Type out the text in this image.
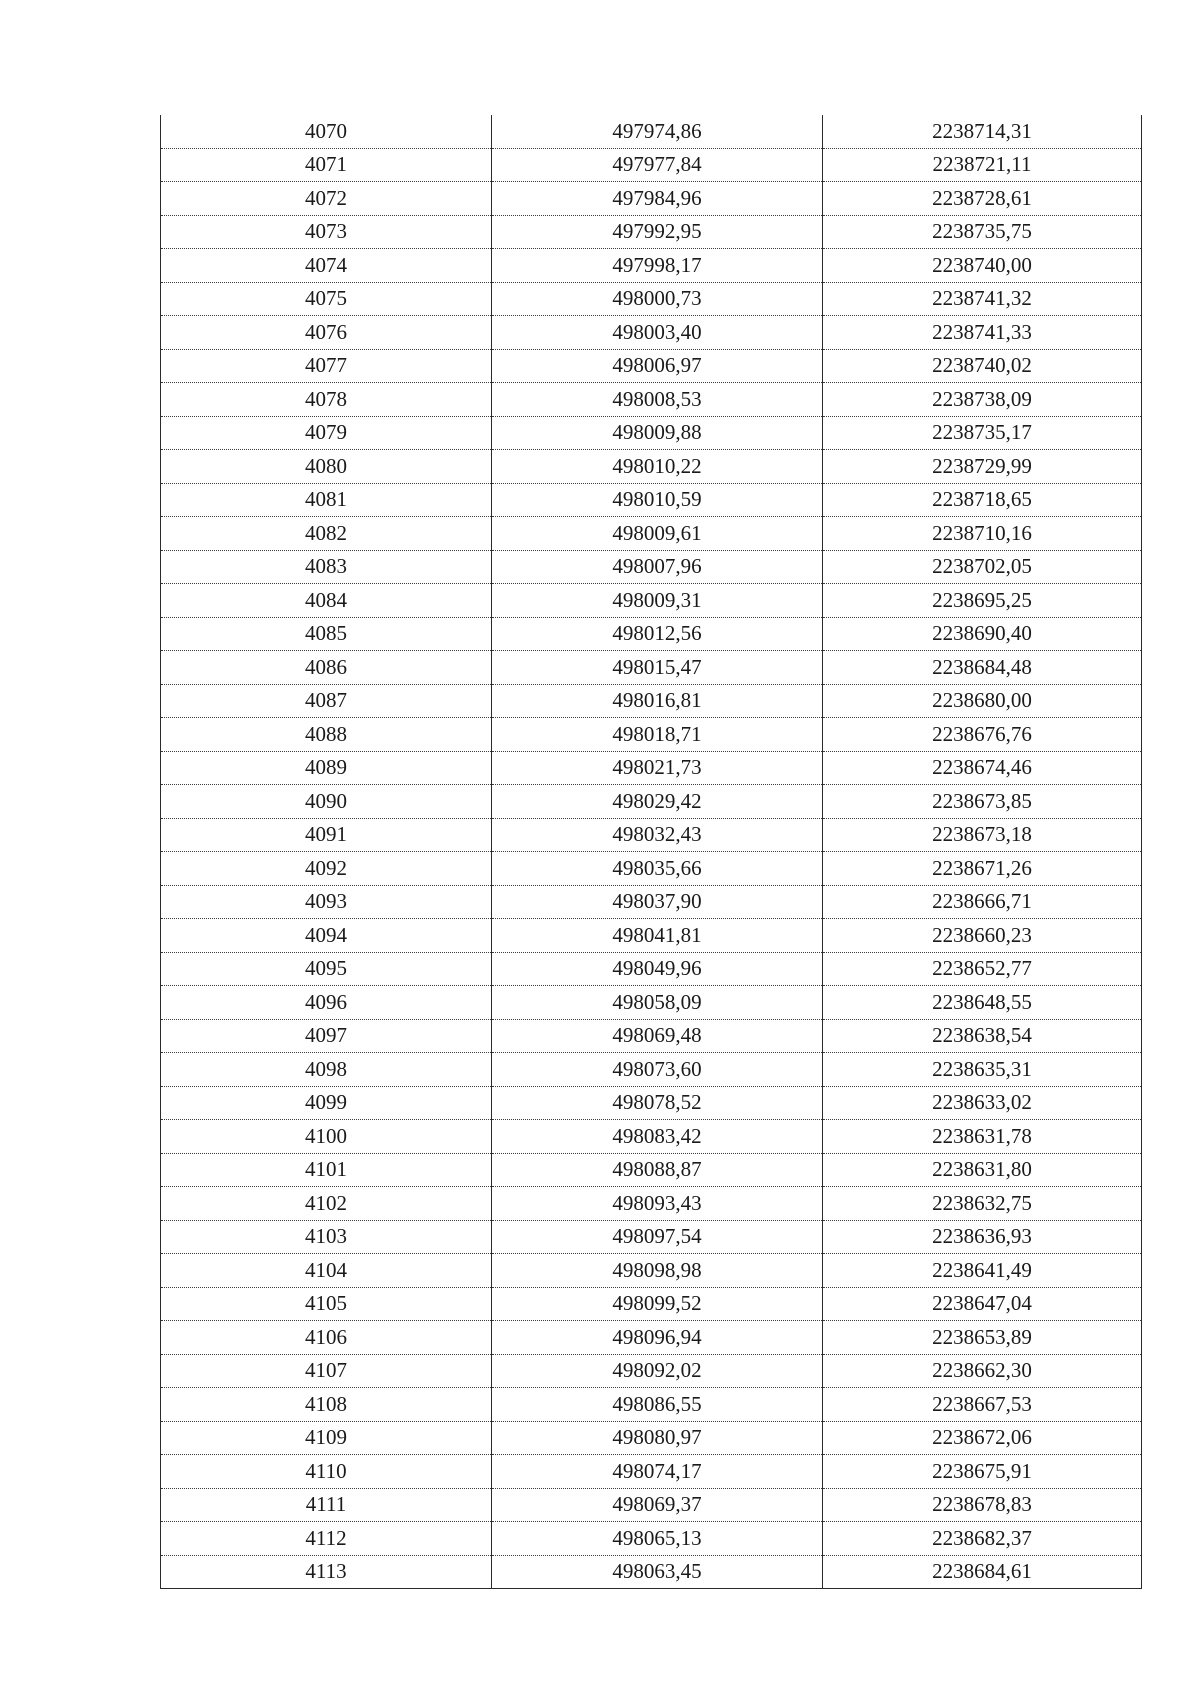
4070	497974,86	2238714,31
4071	497977,84	2238721,11
4072	497984,96	2238728,61
4073	497992,95	2238735,75
4074	497998,17	2238740,00
4075	498000,73	2238741,32
4076	498003,40	2238741,33
4077	498006,97	2238740,02
4078	498008,53	2238738,09
4079	498009,88	2238735,17
4080	498010,22	2238729,99
4081	498010,59	2238718,65
4082	498009,61	2238710,16
4083	498007,96	2238702,05
4084	498009,31	2238695,25
4085	498012,56	2238690,40
4086	498015,47	2238684,48
4087	498016,81	2238680,00
4088	498018,71	2238676,76
4089	498021,73	2238674,46
4090	498029,42	2238673,85
4091	498032,43	2238673,18
4092	498035,66	2238671,26
4093	498037,90	2238666,71
4094	498041,81	2238660,23
4095	498049,96	2238652,77
4096	498058,09	2238648,55
4097	498069,48	2238638,54
4098	498073,60	2238635,31
4099	498078,52	2238633,02
4100	498083,42	2238631,78
4101	498088,87	2238631,80
4102	498093,43	2238632,75
4103	498097,54	2238636,93
4104	498098,98	2238641,49
4105	498099,52	2238647,04
4106	498096,94	2238653,89
4107	498092,02	2238662,30
4108	498086,55	2238667,53
4109	498080,97	2238672,06
4110	498074,17	2238675,91
4111	498069,37	2238678,83
4112	498065,13	2238682,37
4113	498063,45	2238684,61
